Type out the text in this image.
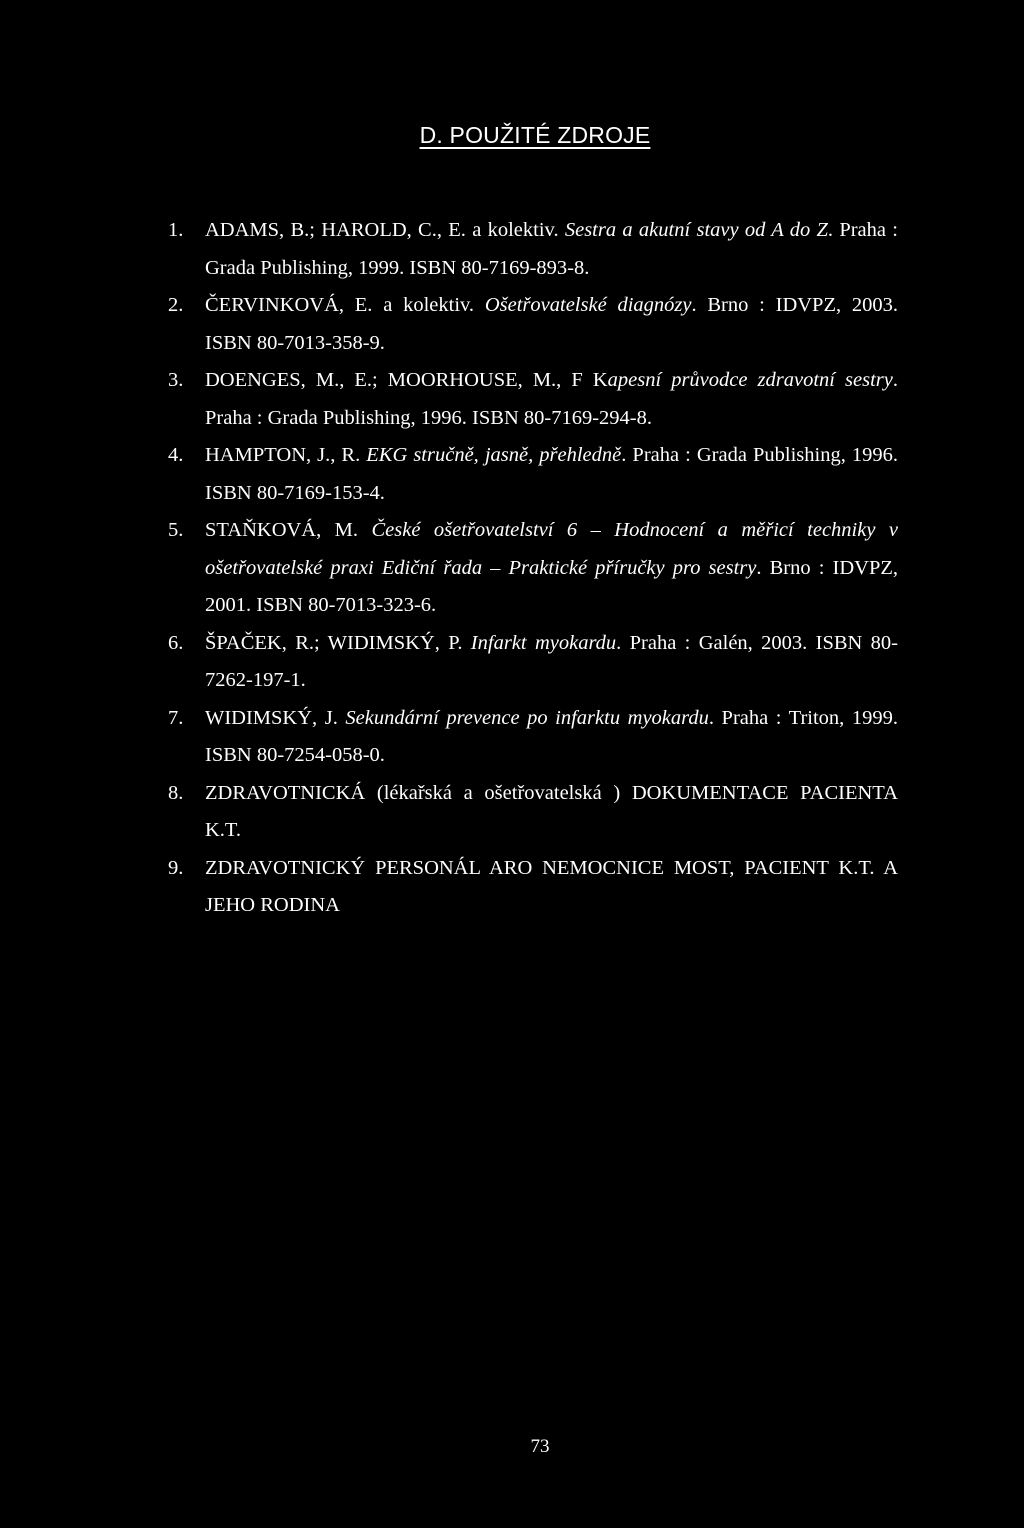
D. POUŽITÉ ZDROJE
1. ADAMS, B.; HAROLD, C., E. a kolektiv. Sestra a akutní stavy od A do Z. Praha : Grada Publishing, 1999. ISBN 80-7169-893-8.
2. ČERVINKOVÁ, E. a kolektiv. Ošetřovatelské diagnózy. Brno : IDVPZ, 2003. ISBN 80-7013-358-9.
3. DOENGES, M., E.; MOORHOUSE, M., F Kapesní průvodce zdravotní sestry. Praha : Grada Publishing, 1996. ISBN 80-7169-294-8.
4. HAMPTON, J., R. EKG stručně, jasně, přehledně. Praha : Grada Publishing, 1996. ISBN 80-7169-153-4.
5. STAŇKOVÁ, M. České ošetřovatelství 6 – Hodnocení a měřicí techniky v ošetřovatelské praxi Ediční řada – Praktické příručky pro sestry. Brno : IDVPZ, 2001. ISBN 80-7013-323-6.
6. ŠPAČEK, R.; WIDIMSKÝ, P. Infarkt myokardu. Praha : Galén, 2003. ISBN 80-7262-197-1.
7. WIDIMSKÝ, J. Sekundární prevence po infarktu myokardu. Praha : Triton, 1999. ISBN 80-7254-058-0.
8. ZDRAVOTNICKÁ (lékařská a ošetřovatelská ) DOKUMENTACE PACIENTA K.T.
9. ZDRAVOTNICKÝ PERSONÁL ARO NEMOCNICE MOST, PACIENT K.T. A JEHO RODINA
73
